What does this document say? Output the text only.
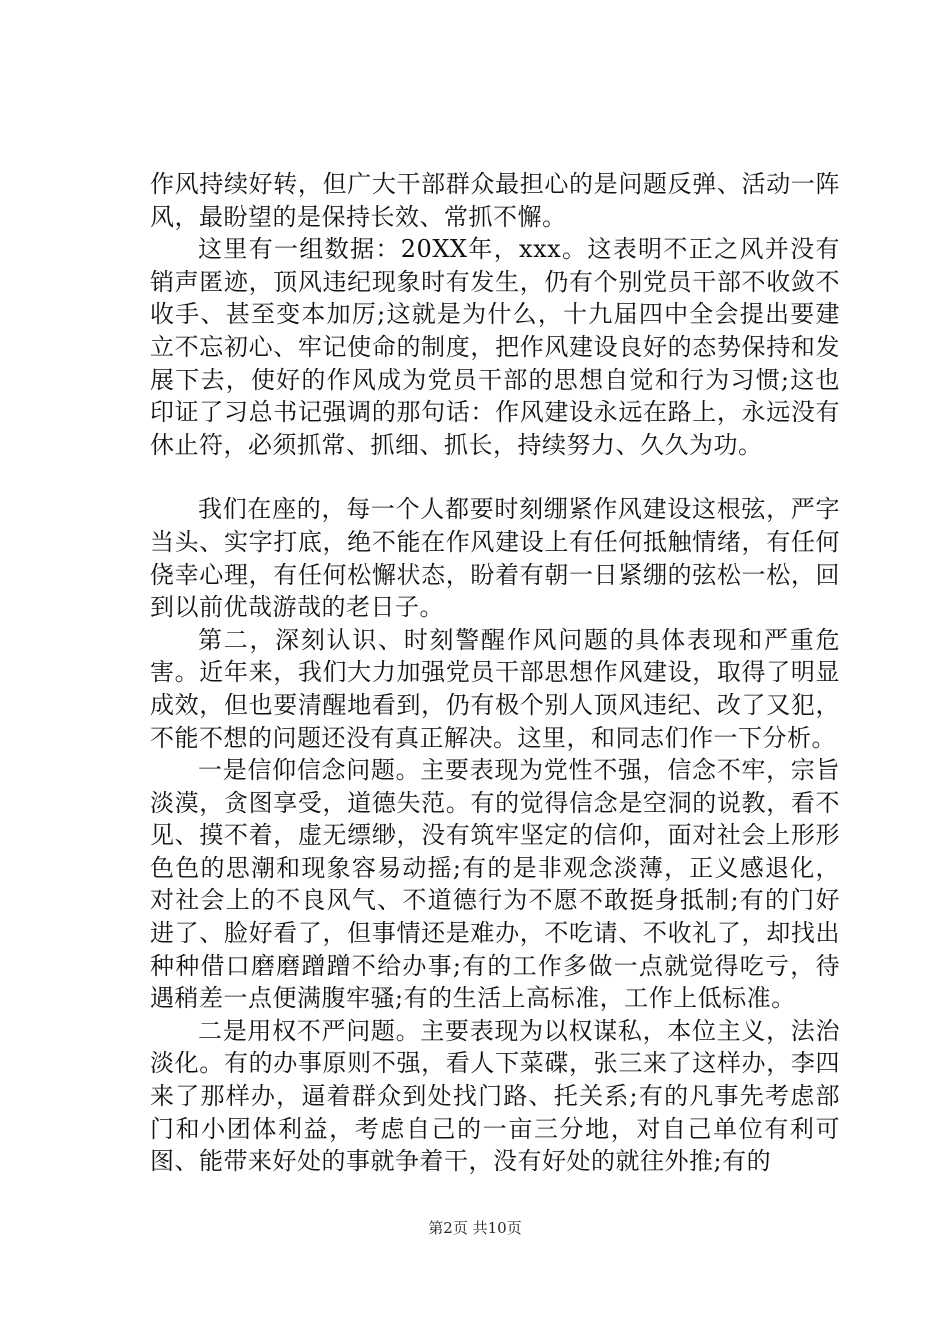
作风持续好转，但广大干部群众最担心的是问题反弹、活动一阵风，最盼望的是保持长效、常抓不懈。

这里有一组数据：20XX年，xxx。这表明不正之风并没有销声匿迹，顶风违纪现象时有发生，仍有个别党员干部不收敛不收手、甚至变本加厉;这就是为什么，十九届四中全会提出要建立不忘初心、牢记使命的制度，把作风建设良好的态势保持和发展下去，使好的作风成为党员干部的思想自觉和行为习惯;这也印证了习总书记强调的那句话：作风建设永远在路上，永远没有休止符，必须抓常、抓细、抓长，持续努力、久久为功。

我们在座的，每一个人都要时刻绷紧作风建设这根弦，严字当头、实字打底，绝不能在作风建设上有任何抵触情绪，有任何侥幸心理，有任何松懈状态，盼着有朝一日紧绷的弦松一松，回到以前优哉游哉的老日子。

第二，深刻认识、时刻警醒作风问题的具体表现和严重危害。近年来，我们大力加强党员干部思想作风建设，取得了明显成效，但也要清醒地看到，仍有极个别人顶风违纪、改了又犯，不能不想的问题还没有真正解决。这里，和同志们作一下分析。

一是信仰信念问题。主要表现为党性不强，信念不牢，宗旨淡漠，贪图享受，道德失范。有的觉得信念是空洞的说教，看不见、摸不着，虚无缥缈，没有筑牢坚定的信仰，面对社会上形形色色的思潮和现象容易动摇;有的是非观念淡薄，正义感退化，对社会上的不良风气、不道德行为不愿不敢挺身抵制;有的门好进了、脸好看了，但事情还是难办，不吃请、不收礼了，却找出种种借口磨磨蹭蹭不给办事;有的工作多做一点就觉得吃亏，待遇稍差一点便满腹牢骚;有的生活上高标准，工作上低标准。

二是用权不严问题。主要表现为以权谋私，本位主义，法治淡化。有的办事原则不强，看人下菜碟，张三来了这样办，李四来了那样办，逼着群众到处找门路、托关系;有的凡事先考虑部门和小团体利益，考虑自己的一亩三分地，对自己单位有利可图、能带来好处的事就争着干，没有好处的就往外推;有的

第2页 共10页
